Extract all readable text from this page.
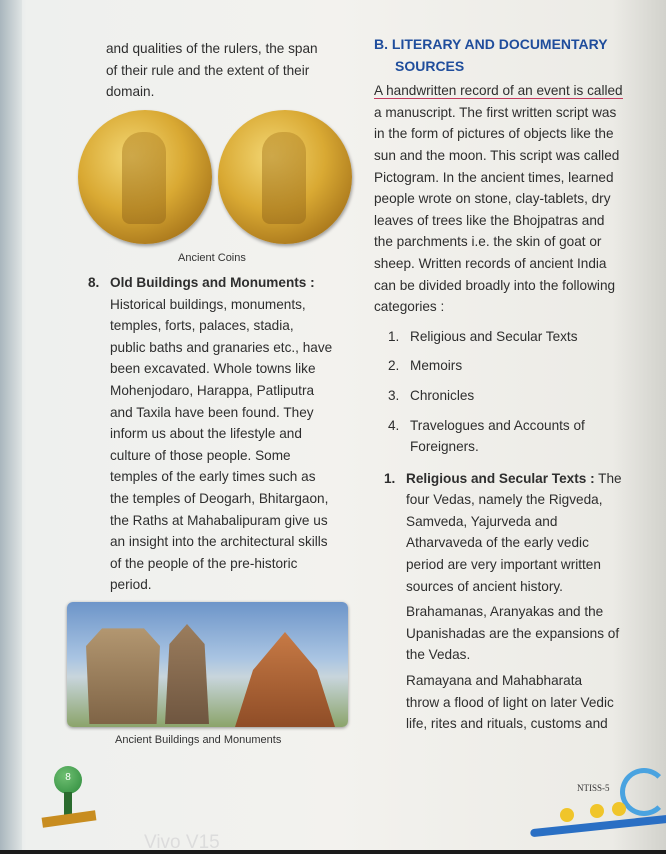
and qualities of the rulers, the span
of their rule and the extent of their
domain.
Ancient Coins
8. Old Buildings and Monuments :
Historical buildings, monuments,
temples, forts, palaces, stadia,
public baths and granaries etc., have
been excavated. Whole towns like
Mohenjodaro, Harappa, Patliputra
and Taxila have been found. They
inform us about the lifestyle and
culture of those people. Some
temples of the early times such as
the temples of Deogarh, Bhitargaon,
the Raths at Mahabalipuram give us
an insight into the architectural skills
of the people of the pre-historic
period.
Ancient Buildings and Monuments
B. LITERARY AND DOCUMENTARY
SOURCES
A handwritten record of an event is called
a manuscript. The first written script was
in the form of pictures of objects like the
sun and the moon. This script was called
Pictogram. In the ancient times, learned
people wrote on stone, clay-tablets, dry
leaves of trees like the Bhojpatras and
the parchments i.e. the skin of goat or
sheep. Written records of ancient India
can be divided broadly into the following
categories :
1. Religious and Secular Texts
2. Memoirs
3. Chronicles
4. Travelogues and Accounts of
Foreigners.
1. Religious and Secular Texts : The
four Vedas, namely the Rigveda,
Samveda, Yajurveda and
Atharvaveda of the early vedic
period are very important written
sources of ancient history.
Brahamanas, Aranyakas and the
Upanishadas are the expansions of
the Vedas.
Ramayana and Mahabharata
throw a flood of light on later Vedic
life, rites and rituals, customs and
8
NTISS-5
Vivo V15
